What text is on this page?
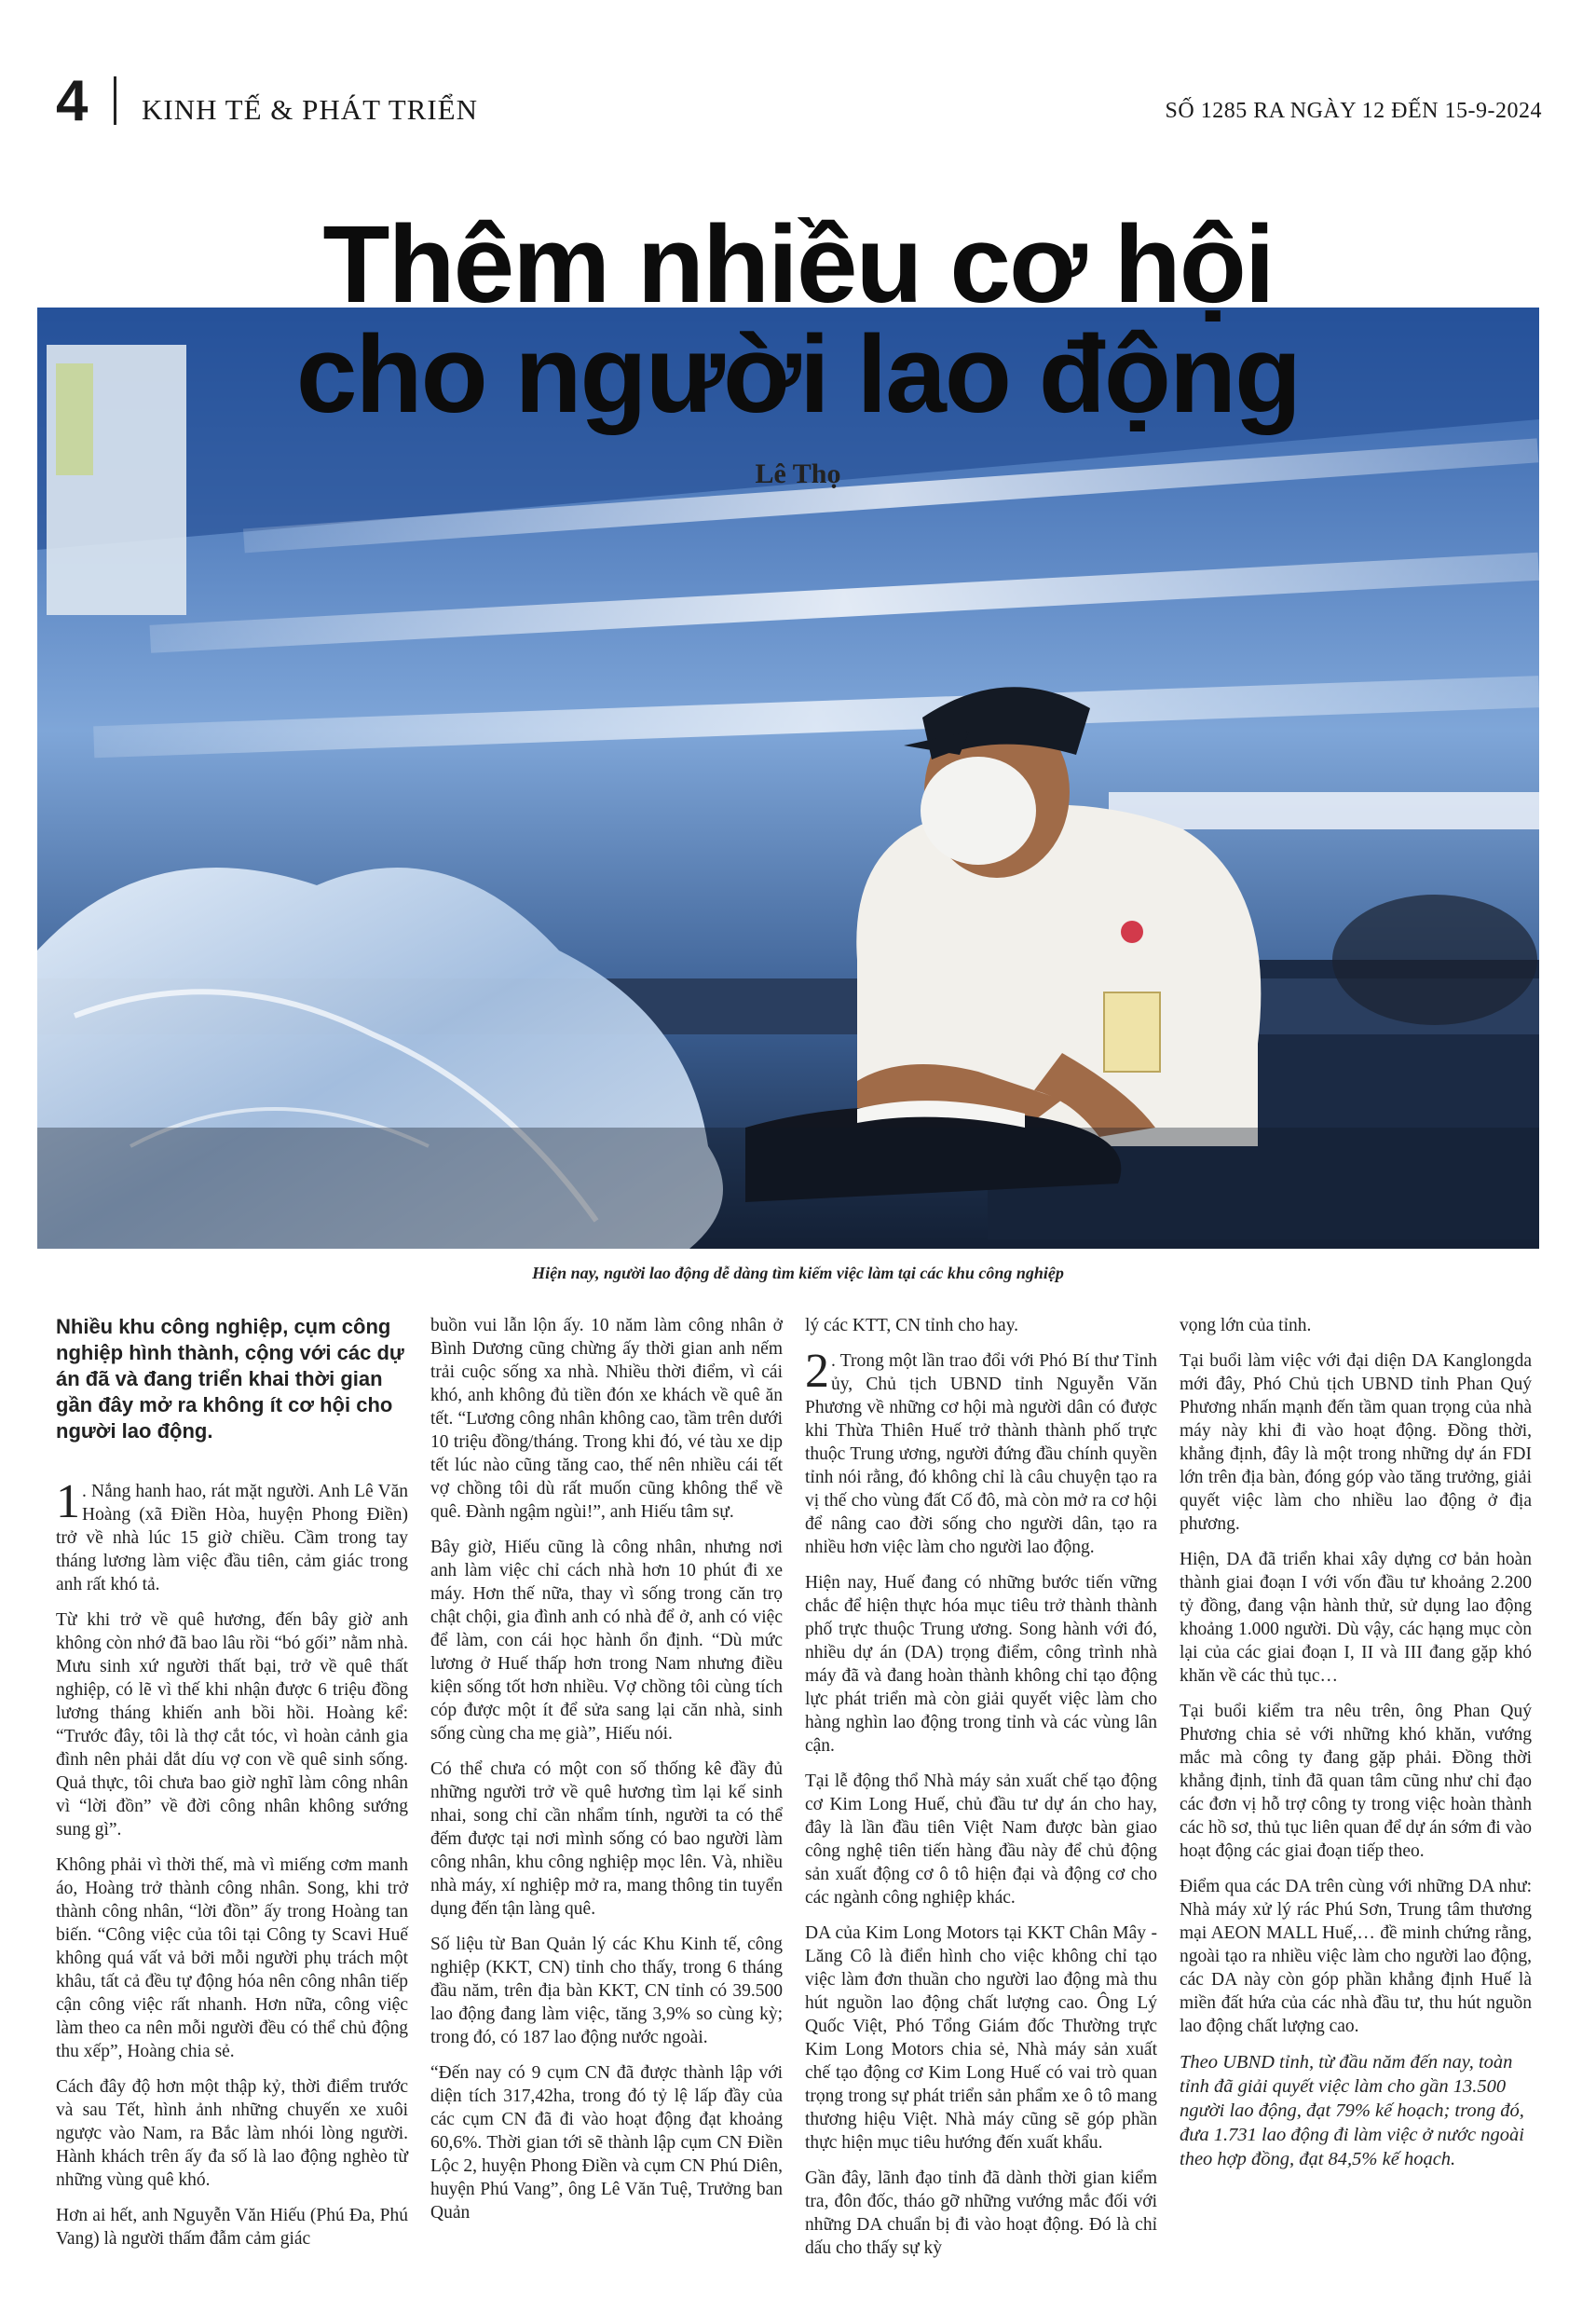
4 KINH TẾ & PHÁT TRIỂN	SỐ 1285 RA NGÀY 12 ĐẾN 15-9-2024
Thêm nhiều cơ hội
cho người lao động
Lê Thọ
Hiện nay, người lao động dễ dàng tìm kiếm việc làm tại các khu công nghiệp

Nhiều khu công nghiệp, cụm công nghiệp hình thành, cộng với các dự án đã và đang triển khai thời gian gần đây mở ra không ít cơ hội cho người lao động.

1 . Nắng hanh hao, rát mặt người. Anh Lê Văn Hoàng (xã Điền Hòa, huyện Phong Điền) trở về nhà lúc 15 giờ chiều. Cầm trong tay tháng lương làm việc đầu tiên, cảm giác trong anh rất khó tả.

Từ khi trở về quê hương, đến bây giờ anh không còn nhớ đã bao lâu rồi “bó gối” nằm nhà. Mưu sinh xứ người thất bại, trở về quê thất nghiệp, có lẽ vì thế khi nhận được 6 triệu đồng lương tháng khiến anh bồi hồi. Hoàng kể: “Trước đây, tôi là thợ cắt tóc, vì hoàn cảnh gia đình nên phải dắt díu vợ con về quê sinh sống. Quả thực, tôi chưa bao giờ nghĩ làm công nhân vì “lời đồn” về đời công nhân không sướng sung gì”.

Không phải vì thời thế, mà vì miếng cơm manh áo, Hoàng trở thành công nhân. Song, khi trở thành công nhân, “lời đồn” ấy trong Hoàng tan biến. “Công việc của tôi tại Công ty Scavi Huế không quá vất vả bởi mỗi người phụ trách một khâu, tất cả đều tự động hóa nên công nhân tiếp cận công việc rất nhanh. Hơn nữa, công việc làm theo ca nên mỗi người đều có thể chủ động thu xếp”, Hoàng chia sẻ.

Cách đây độ hơn một thập kỷ, thời điểm trước và sau Tết, hình ảnh những chuyến xe xuôi ngược vào Nam, ra Bắc làm nhói lòng người. Hành khách trên ấy đa số là lao động nghèo từ những vùng quê khó.

Hơn ai hết, anh Nguyễn Văn Hiếu (Phú Đa, Phú Vang) là người thấm đẫm cảm giác

buồn vui lẫn lộn ấy. 10 năm làm công nhân ở Bình Dương cũng chừng ấy thời gian anh nếm trải cuộc sống xa nhà. Nhiều thời điểm, vì cái khó, anh không đủ tiền đón xe khách về quê ăn tết. “Lương công nhân không cao, tầm trên dưới 10 triệu đồng/tháng. Trong khi đó, vé tàu xe dịp tết lúc nào cũng tăng cao, thế nên nhiều cái tết vợ chồng tôi dù rất muốn cũng không thể về quê. Đành ngậm ngùi!”, anh Hiếu tâm sự.

Bây giờ, Hiếu cũng là công nhân, nhưng nơi anh làm việc chỉ cách nhà hơn 10 phút đi xe máy. Hơn thế nữa, thay vì sống trong căn trọ chật chội, gia đình anh có nhà để ở, anh có việc để làm, con cái học hành ổn định. “Dù mức lương ở Huế thấp hơn trong Nam nhưng điều kiện sống tốt hơn nhiều. Vợ chồng tôi cùng tích cóp được một ít để sửa sang lại căn nhà, sinh sống cùng cha mẹ già”, Hiếu nói.

Có thể chưa có một con số thống kê đầy đủ những người trở về quê hương tìm lại kế sinh nhai, song chỉ cần nhẩm tính, người ta có thể đếm được tại nơi mình sống có bao người làm công nhân, khu công nghiệp mọc lên. Và, nhiều nhà máy, xí nghiệp mở ra, mang thông tin tuyển dụng đến tận làng quê.

Số liệu từ Ban Quản lý các Khu Kinh tế, công nghiệp (KKT, CN) tỉnh cho thấy, trong 6 tháng đầu năm, trên địa bàn KKT, CN tỉnh có 39.500 lao động đang làm việc, tăng 3,9% so cùng kỳ; trong đó, có 187 lao động nước ngoài.

“Đến nay có 9 cụm CN đã được thành lập với diện tích 317,42ha, trong đó tỷ lệ lấp đầy của các cụm CN đã đi vào hoạt động đạt khoảng 60,6%. Thời gian tới sẽ thành lập cụm CN Điền Lộc 2, huyện Phong Điền và cụm CN Phú Diên, huyện Phú Vang”, ông Lê Văn Tuệ, Trưởng ban Quản

lý các KTT, CN tỉnh cho hay.

2 . Trong một lần trao đổi với Phó Bí thư Tỉnh ủy, Chủ tịch UBND tỉnh Nguyễn Văn Phương về những cơ hội mà người dân có được khi Thừa Thiên Huế trở thành thành phố trực thuộc Trung ương, người đứng đầu chính quyền tỉnh nói rằng, đó không chỉ là câu chuyện tạo ra vị thế cho vùng đất Cố đô, mà còn mở ra cơ hội để nâng cao đời sống cho người dân, tạo ra nhiều hơn việc làm cho người lao động.

Hiện nay, Huế đang có những bước tiến vững chắc để hiện thực hóa mục tiêu trở thành thành phố trực thuộc Trung ương. Song hành với đó, nhiều dự án (DA) trọng điểm, công trình nhà máy đã và đang hoàn thành không chỉ tạo động lực phát triển mà còn giải quyết việc làm cho hàng nghìn lao động trong tỉnh và các vùng lân cận.

Tại lễ động thổ Nhà máy sản xuất chế tạo động cơ Kim Long Huế, chủ đầu tư dự án cho hay, đây là lần đầu tiên Việt Nam được bàn giao công nghệ tiên tiến hàng đầu này để chủ động sản xuất động cơ ô tô hiện đại và động cơ cho các ngành công nghiệp khác.

DA của Kim Long Motors tại KKT Chân Mây - Lăng Cô là điển hình cho việc không chỉ tạo việc làm đơn thuần cho người lao động mà thu hút nguồn lao động chất lượng cao. Ông Lý Quốc Việt, Phó Tổng Giám đốc Thường trực Kim Long Motors chia sẻ, Nhà máy sản xuất chế tạo động cơ Kim Long Huế có vai trò quan trọng trong sự phát triển sản phẩm xe ô tô mang thương hiệu Việt. Nhà máy cũng sẽ góp phần thực hiện mục tiêu hướng đến xuất khẩu.

Gần đây, lãnh đạo tỉnh đã dành thời gian kiểm tra, đôn đốc, tháo gỡ những vướng mắc đối với những DA chuẩn bị đi vào hoạt động. Đó là chỉ dấu cho thấy sự kỳ

vọng lớn của tỉnh.

Tại buổi làm việc với đại diện DA Kanglongda mới đây, Phó Chủ tịch UBND tỉnh Phan Quý Phương nhấn mạnh đến tầm quan trọng của nhà máy này khi đi vào hoạt động. Đồng thời, khẳng định, đây là một trong những dự án FDI lớn trên địa bàn, đóng góp vào tăng trưởng, giải quyết việc làm cho nhiều lao động ở địa phương.

Hiện, DA đã triển khai xây dựng cơ bản hoàn thành giai đoạn I với vốn đầu tư khoảng 2.200 tỷ đồng, đang vận hành thử, sử dụng lao động khoảng 1.000 người. Dù vậy, các hạng mục còn lại của các giai đoạn I, II và III đang gặp khó khăn về các thủ tục…

Tại buổi kiểm tra nêu trên, ông Phan Quý Phương chia sẻ với những khó khăn, vướng mắc mà công ty đang gặp phải. Đồng thời khẳng định, tỉnh đã quan tâm cũng như chỉ đạo các đơn vị hỗ trợ công ty trong việc hoàn thành các hồ sơ, thủ tục liên quan để dự án sớm đi vào hoạt động các giai đoạn tiếp theo.

Điểm qua các DA trên cùng với những DA như: Nhà máy xử lý rác Phú Sơn, Trung tâm thương mại AEON MALL Huế,… đề minh chứng rằng, ngoài tạo ra nhiều việc làm cho người lao động, các DA này còn góp phần khẳng định Huế là miền đất hứa của các nhà đầu tư, thu hút nguồn lao động chất lượng cao.

Theo UBND tỉnh, từ đầu năm đến nay, toàn tỉnh đã giải quyết việc làm cho gần 13.500 người lao động, đạt 79% kế hoạch; trong đó, đưa 1.731 lao động đi làm việc ở nước ngoài theo hợp đồng, đạt 84,5% kế hoạch.
